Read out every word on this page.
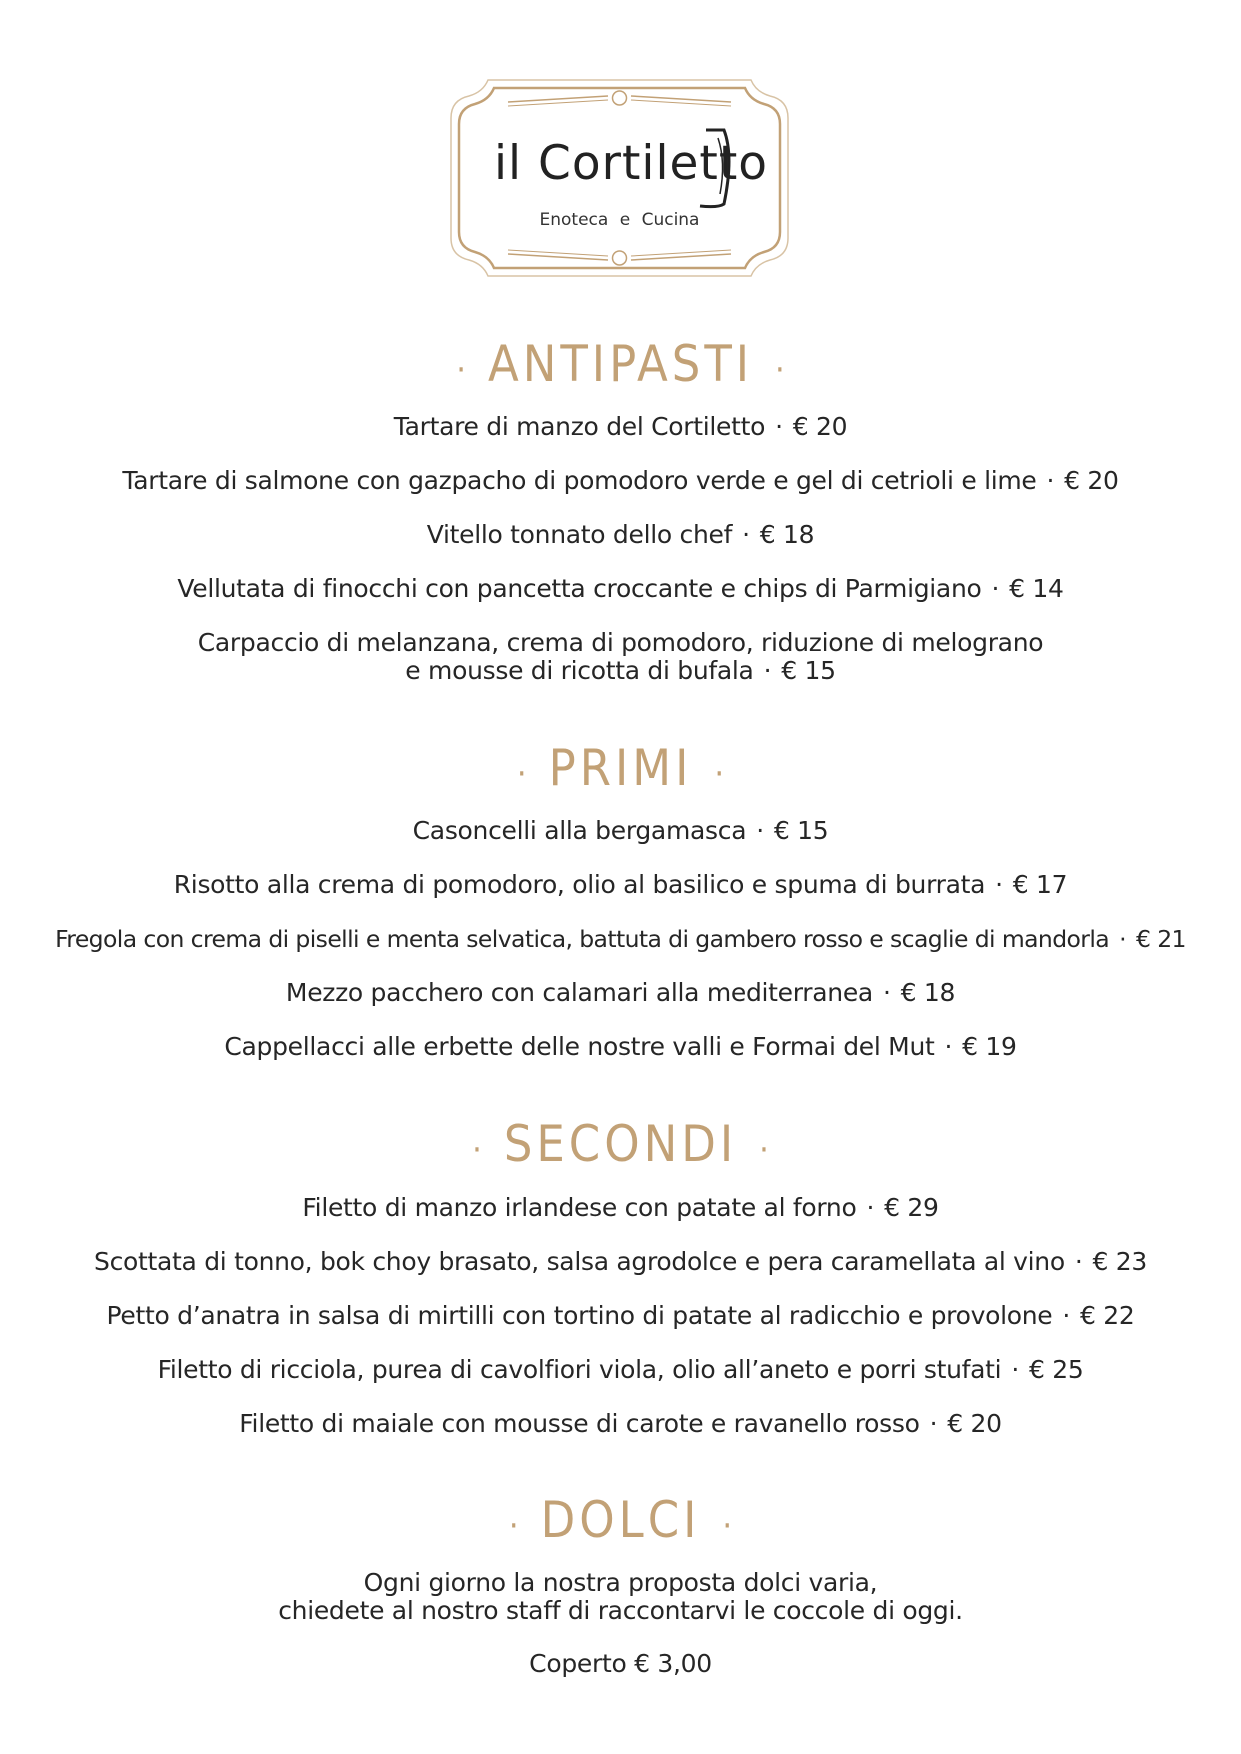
il Cortiletto
Enoteca e Cucina
· ANTIPASTI ·
Tartare di manzo del Cortiletto · € 20
Tartare di salmone con gazpacho di pomodoro verde e gel di cetrioli e lime · € 20
Vitello tonnato dello chef · € 18
Vellutata di finocchi con pancetta croccante e chips di Parmigiano · € 14
Carpaccio di melanzana, crema di pomodoro, riduzione di melograno
e mousse di ricotta di bufala · € 15
· PRIMI ·
Casoncelli alla bergamasca · € 15
Risotto alla crema di pomodoro, olio al basilico e spuma di burrata · € 17
Fregola con crema di piselli e menta selvatica, battuta di gambero rosso e scaglie di mandorla · € 21
Mezzo pacchero con calamari alla mediterranea · € 18
Cappellacci alle erbette delle nostre valli e Formai del Mut · € 19
· SECONDI ·
Filetto di manzo irlandese con patate al forno · € 29
Scottata di tonno, bok choy brasato, salsa agrodolce e pera caramellata al vino · € 23
Petto d’anatra in salsa di mirtilli con tortino di patate al radicchio e provolone · € 22
Filetto di ricciola, purea di cavolfiori viola, olio all’aneto e porri stufati · € 25
Filetto di maiale con mousse di carote e ravanello rosso · € 20
· DOLCI ·
Ogni giorno la nostra proposta dolci varia,
chiedete al nostro staff di raccontarvi le coccole di oggi.
Coperto € 3,00
